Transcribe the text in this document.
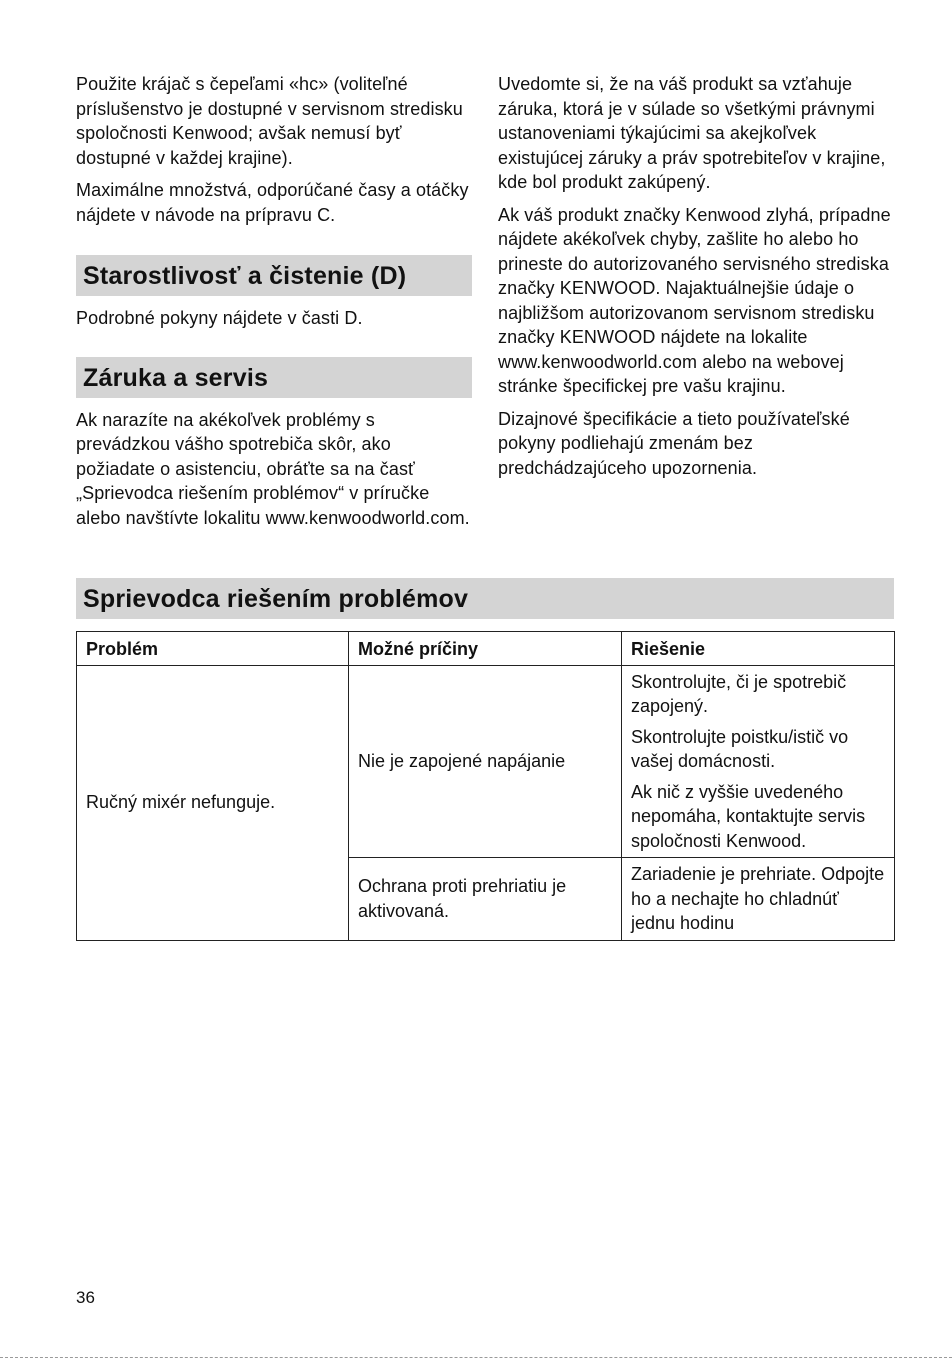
Použite krájač s čepeľami «hc» (voliteľné príslušenstvo je dostupné v servisnom stredisku spoločnosti Kenwood; avšak nemusí byť dostupné v každej krajine).

Maximálne množstvá, odporúčané časy a otáčky nájdete v návode na prípravu C.

Starostlivosť a čistenie (D)

Podrobné pokyny nájdete v časti D.

Záruka a servis

Ak narazíte na akékoľvek problémy s prevádzkou vášho spotrebiča skôr, ako požiadate o asistenciu, obráťte sa na časť „Sprievodca riešením problémov“ v príručke alebo navštívte lokalitu www.kenwoodworld.com.

Uvedomte si, že na váš produkt sa vzťahuje záruka, ktorá je v súlade so všetkými právnymi ustanoveniami týkajúcimi sa akejkoľvek existujúcej záruky a práv spotrebiteľov v krajine, kde bol produkt zakúpený.

Ak váš produkt značky Kenwood zlyhá, prípadne nájdete akékoľvek chyby, zašlite ho alebo ho prineste do autorizovaného servisného strediska značky KENWOOD. Najaktuálnejšie údaje o najbližšom autorizovanom servisnom stredisku značky KENWOOD nájdete na lokalite www.kenwoodworld.com alebo na webovej stránke špecifickej pre vašu krajinu.

Dizajnové špecifikácie a tieto používateľské pokyny podliehajú zmenám bez predchádzajúceho upozornenia.

Sprievodca riešením problémov
Problém	Možné príčiny	Riešenie
Ručný mixér nefunguje.	Nie je zapojené napájanie	Skontrolujte, či je spotrebič zapojený.
Skontrolujte poistku/istič vo vašej domácnosti.
Ak nič z vyššie uvedeného nepomáha, kontaktujte servis spoločnosti Kenwood.

	Ochrana proti prehriatiu je aktivovaná.	Zariadenie je prehriate. Odpojte ho a nechajte ho chladnúť jednu hodinu
36
